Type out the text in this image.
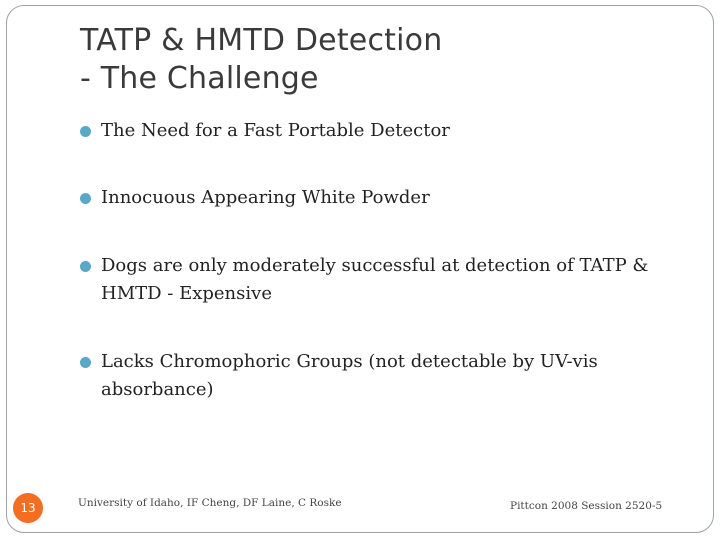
TATP & HMTD Detection
- The Challenge
The Need for a Fast Portable Detector
Innocuous Appearing White Powder
Dogs are only moderately successful at detection of TATP & HMTD - Expensive
Lacks Chromophoric Groups (not detectable by UV-vis absorbance)
13	University of Idaho, IF Cheng, DF Laine, C Roske	Pittcon 2008 Session 2520-5
